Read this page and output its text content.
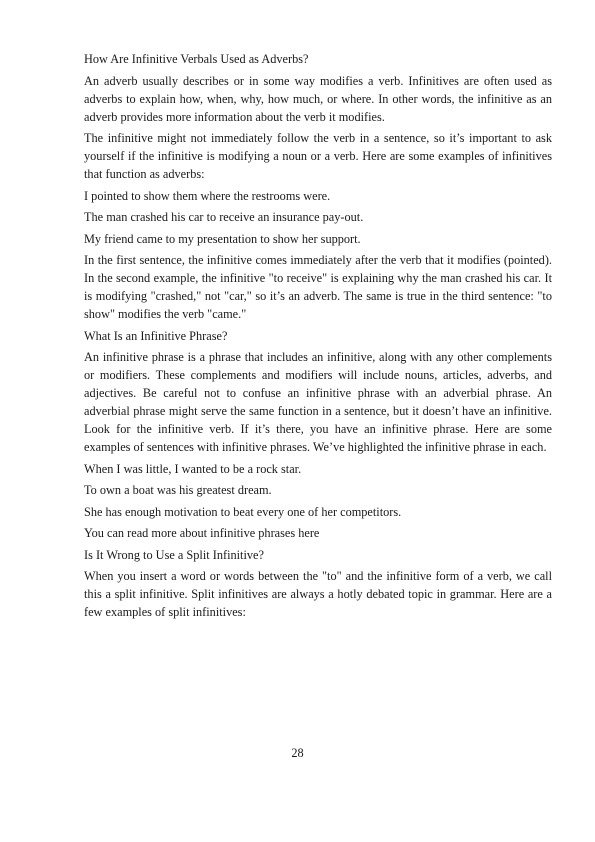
How Are Infinitive Verbals Used as Adverbs?

An adverb usually describes or in some way modifies a verb. Infinitives are often used as adverbs to explain how, when, why, how much, or where. In other words, the infinitive as an adverb provides more information about the verb it modifies.

The infinitive might not immediately follow the verb in a sentence, so it’s important to ask yourself if the infinitive is modifying a noun or a verb. Here are some examples of infinitives that function as adverbs:

I pointed to show them where the restrooms were.

The man crashed his car to receive an insurance pay-out.

My friend came to my presentation to show her support.

In the first sentence, the infinitive comes immediately after the verb that it modifies (pointed). In the second example, the infinitive "to receive" is explaining why the man crashed his car. It is modifying "crashed," not "car," so it’s an adverb. The same is true in the third sentence: "to show" modifies the verb "came."

What Is an Infinitive Phrase?

An infinitive phrase is a phrase that includes an infinitive, along with any other complements or modifiers. These complements and modifiers will include nouns, articles, adverbs, and adjectives. Be careful not to confuse an infinitive phrase with an adverbial phrase. An adverbial phrase might serve the same function in a sentence, but it doesn’t have an infinitive. Look for the infinitive verb. If it’s there, you have an infinitive phrase. Here are some examples of sentences with infinitive phrases. We’ve highlighted the infinitive phrase in each.

When I was little, I wanted to be a rock star.

To own a boat was his greatest dream.

She has enough motivation to beat every one of her competitors.

You can read more about infinitive phrases here

Is It Wrong to Use a Split Infinitive?

When you insert a word or words between the "to" and the infinitive form of a verb, we call this a split infinitive. Split infinitives are always a hotly debated topic in grammar. Here are a few examples of split infinitives:

28
